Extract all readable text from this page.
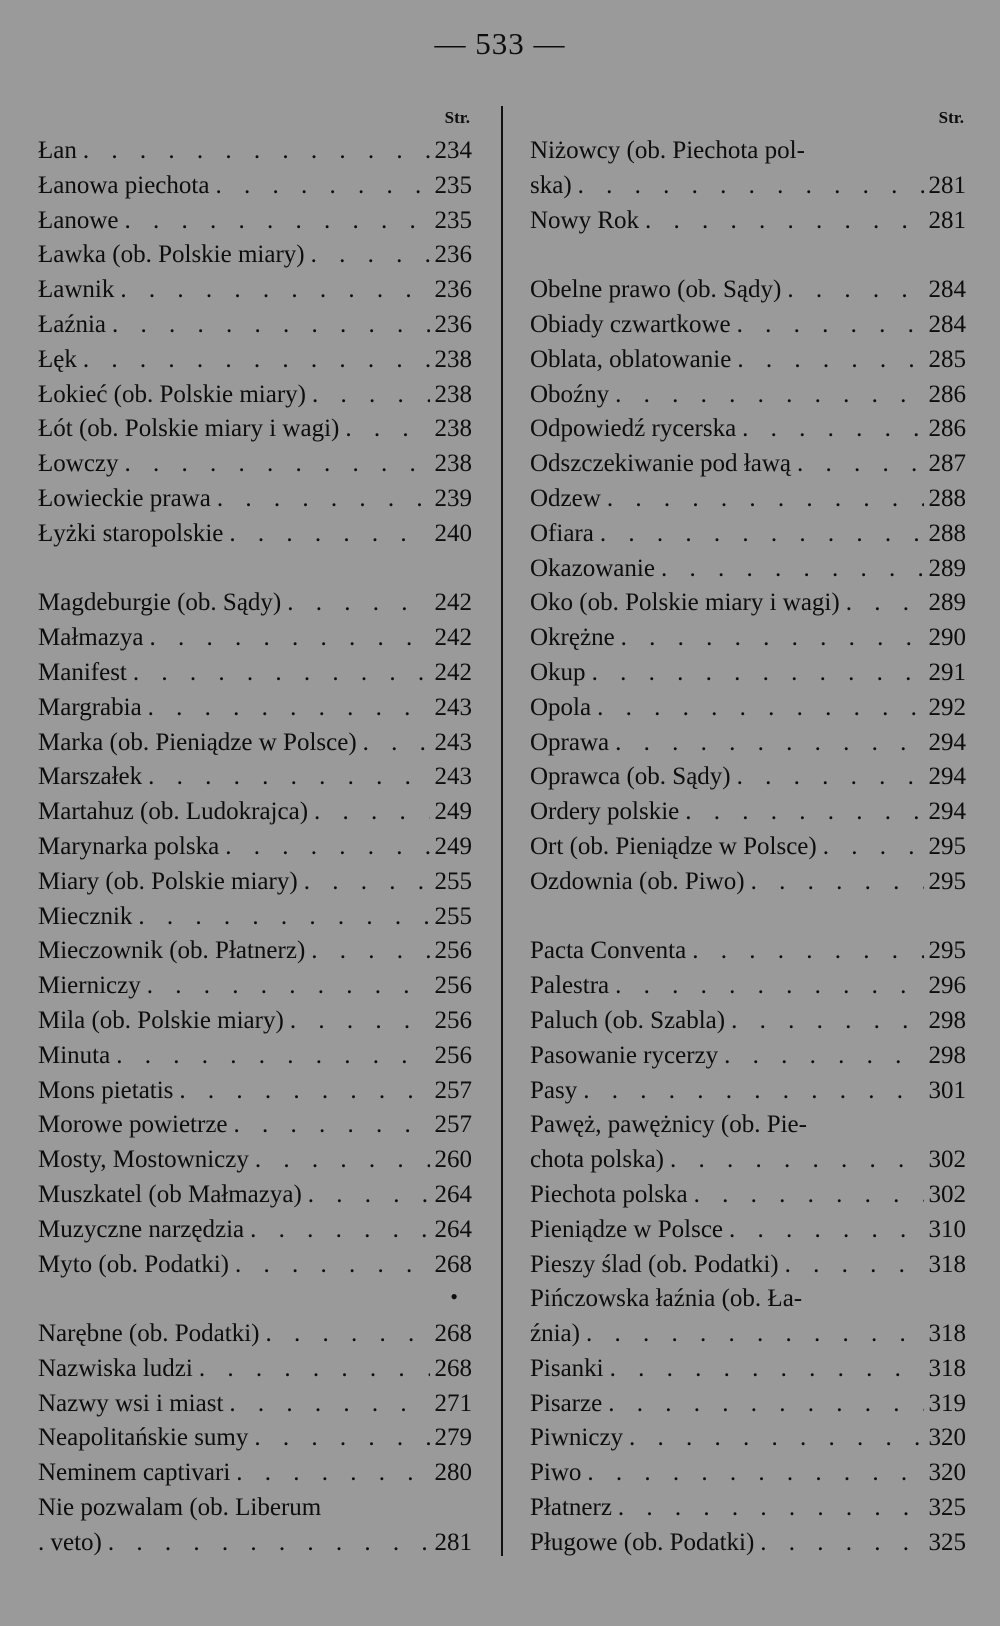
— 533 —
Str.
Łan . . .	234
Łanowa piechota . . .	235
Łanowe . . .	235
Ławka (ob. Polskie miary) . . .	236
Ławnik . . .	236
Łaźnia . . .	236
Łęk . . .	238
Łokieć (ob. Polskie miary) . . .	238
Łót (ob. Polskie miary i wagi) . . .	238
Łowczy . . .	238
Łowieckie prawa . . .	239
Łyżki staropolskie . . .	240
Magdeburgie (ob. Sądy) . . .	242
Małmazya . . .	242
Manifest . . .	242
Margrabia . . .	243
Marka (ob. Pieniądze w Polsce) . . .	243
Marszałek . . .	243
Martahuz (ob. Ludokrajca) . . .	249
Marynarka polska . . .	249
Miary (ob. Polskie miary) . . .	255
Miecznik . . .	255
Mieczownik (ob. Płatnerz) . . .	256
Mierniczy . . .	256
Mila (ob. Polskie miary) . . .	256
Minuta . . .	256
Mons pietatis . . .	257
Morowe powietrze . . .	257
Mosty, Mostowniczy . . .	260
Muszkatel (ob Małmazya) . . .	264
Muzyczne narzędzia . . .	264
Myto (ob. Podatki) . . .	268
•
Narębne (ob. Podatki) . . .	268
Nazwiska ludzi . . .	268
Nazwy wsi i miast . . .	271
Neapolitańskie sumy . . .	279
Neminem captivari . . .	280
Nie pozwalam (ob. Liberum
. veto) . . .	281
Str.
Niżowcy (ob. Piechota pol-
ska) . . .	281
Nowy Rok . . .	281
Obelne prawo (ob. Sądy) . . .	284
Obiady czwartkowe . . .	284
Oblata, oblatowanie . . .	285
Oboźny . . .	286
Odpowiedź rycerska . . .	286
Odszczekiwanie pod ławą . . .	287
Odzew . . .	288
Ofiara . . .	288
Okazowanie . . .	289
Oko (ob. Polskie miary i wagi) . . .	289
Okrężne . . .	290
Okup . . .	291
Opola . . .	292
Oprawa . . .	294
Oprawca (ob. Sądy) . . .	294
Ordery polskie . . .	294
Ort (ob. Pieniądze w Polsce) . . .	295
Ozdownia (ob. Piwo) . . .	295
Pacta Conventa . . .	295
Palestra . . .	296
Paluch (ob. Szabla) . . .	298
Pasowanie rycerzy . . .	298
Pasy . . .	301
Pawęż, pawężnicy (ob. Pie-
chota polska) . . .	302
Piechota polska . . .	302
Pieniądze w Polsce . . .	310
Pieszy ślad (ob. Podatki) . . .	318
Pińczowska łaźnia (ob. Ła-
źnia) . . .	318
Pisanki . . .	318
Pisarze . . .	319
Piwniczy . . .	320
Piwo . . .	320
Płatnerz . . .	325
Pługowe (ob. Podatki) . . .	325
